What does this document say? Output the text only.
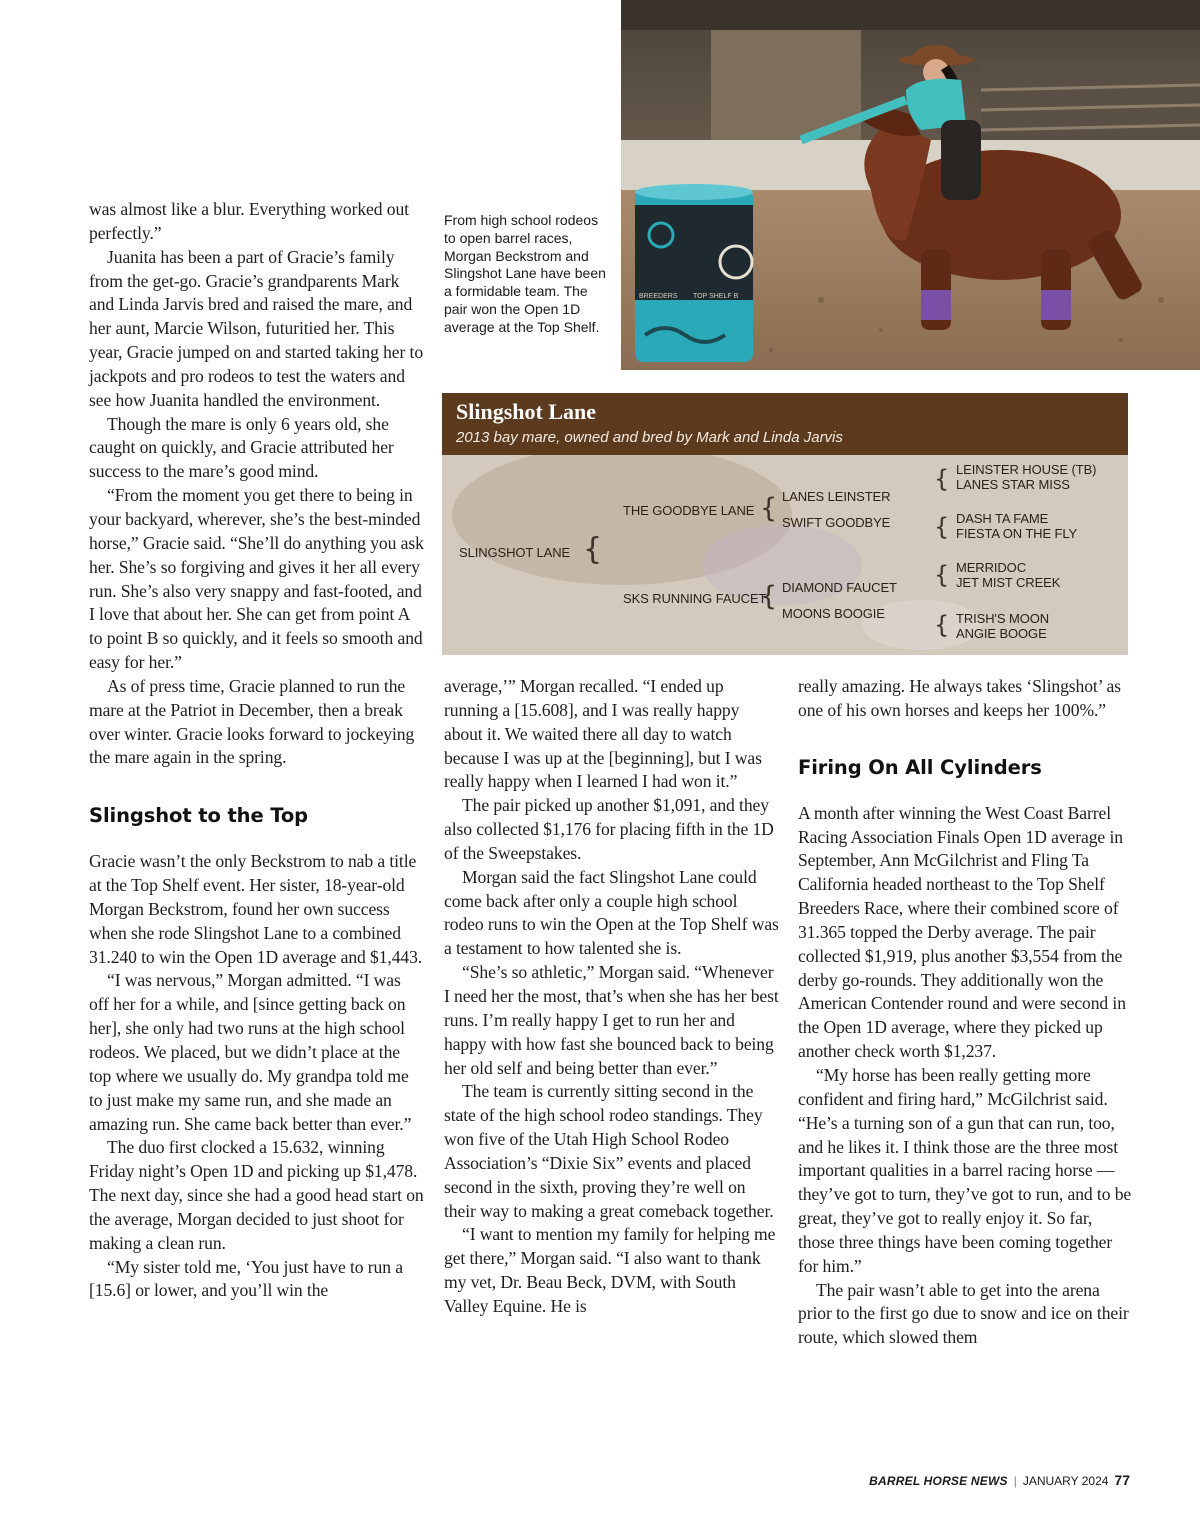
BREEDERS TOP SHELF B
From high school rodeos to open barrel races, Morgan Beckstrom and Slingshot Lane have been a formidable team. The pair won the Open 1D average at the Top Shelf.
Slingshot Lane
2013 bay mare, owned and bred by Mark and Linda Jarvis
SLINGSHOT LANE {
THE GOODBYE LANE
SKS RUNNING FAUCET
{
{
LANES LEINSTER
SWIFT GOODBYE
DIAMOND FAUCET
MOONS BOOGIE
{
{
{
{
LEINSTER HOUSE (TB)
LANES STAR MISS
DASH TA FAME
FIESTA ON THE FLY
MERRIDOC
JET MIST CREEK
TRISH'S MOON
ANGIE BOOGE

was almost like a blur. Everything worked out perfectly.”

Juanita has been a part of Gracie’s family from the get-go. Gracie’s grandparents Mark and Linda Jarvis bred and raised the mare, and her aunt, Marcie Wilson, futuritied her. This year, Gracie jumped on and started taking her to jackpots and pro rodeos to test the waters and see how Juanita handled the environment.

Though the mare is only 6 years old, she caught on quickly, and Gracie attributed her success to the mare’s good mind.

“From the moment you get there to being in your backyard, wherever, she’s the best-minded horse,” Gracie said. “She’ll do anything you ask her. She’s so forgiving and gives it her all every run. She’s also very snappy and fast-footed, and I love that about her. She can get from point A to point B so quickly, and it feels so smooth and easy for her.”

As of press time, Gracie planned to run the mare at the Patriot in December, then a break over winter. Gracie looks forward to jockeying the mare again in the spring.

Slingshot to the Top

Gracie wasn’t the only Beckstrom to nab a title at the Top Shelf event. Her sister, 18-year-old Morgan Beckstrom, found her own success when she rode Slingshot Lane to a combined 31.240 to win the Open 1D average and $1,443.

“I was nervous,” Morgan admitted. “I was off her for a while, and [since getting back on her], she only had two runs at the high school rodeos. We placed, but we didn’t place at the top where we usually do. My grandpa told me to just make my same run, and she made an amazing run. She came back better than ever.”

The duo first clocked a 15.632, winning Friday night’s Open 1D and picking up $1,478. The next day, since she had a good head start on the average, Morgan decided to just shoot for making a clean run.

“My sister told me, ‘You just have to run a [15.6] or lower, and you’ll win the

average,’” Morgan recalled. “I ended up running a [15.608], and I was really happy about it. We waited there all day to watch because I was up at the [beginning], but I was really happy when I learned I had won it.”

The pair picked up another $1,091, and they also collected $1,176 for placing fifth in the 1D of the Sweepstakes.

Morgan said the fact Slingshot Lane could come back after only a couple high school rodeo runs to win the Open at the Top Shelf was a testament to how talented she is.

“She’s so athletic,” Morgan said. “Whenever I need her the most, that’s when she has her best runs. I’m really happy I get to run her and happy with how fast she bounced back to being her old self and being better than ever.”

The team is currently sitting second in the state of the high school rodeo standings. They won five of the Utah High School Rodeo Association’s “Dixie Six” events and placed second in the sixth, proving they’re well on their way to making a great comeback together.

“I want to mention my family for helping me get there,” Morgan said. “I also want to thank my vet, Dr. Beau Beck, DVM, with South Valley Equine. He is

really amazing. He always takes ‘Slingshot’ as one of his own horses and keeps her 100%.”

Firing On All Cylinders

A month after winning the West Coast Barrel Racing Association Finals Open 1D average in September, Ann McGilchrist and Fling Ta California headed northeast to the Top Shelf Breeders Race, where their combined score of 31.365 topped the Derby average. The pair collected $1,919, plus another $3,554 from the derby go-rounds. They additionally won the American Contender round and were second in the Open 1D average, where they picked up another check worth $1,237.

“My horse has been really getting more confident and firing hard,” McGilchrist said. “He’s a turning son of a gun that can run, too, and he likes it. I think those are the three most important qualities in a barrel racing horse — they’ve got to turn, they’ve got to run, and to be great, they’ve got to really enjoy it. So far, those three things have been coming together for him.”

The pair wasn’t able to get into the arena prior to the first go due to snow and ice on their route, which slowed them

BARREL HORSE NEWS | JANUARY 2024 77
